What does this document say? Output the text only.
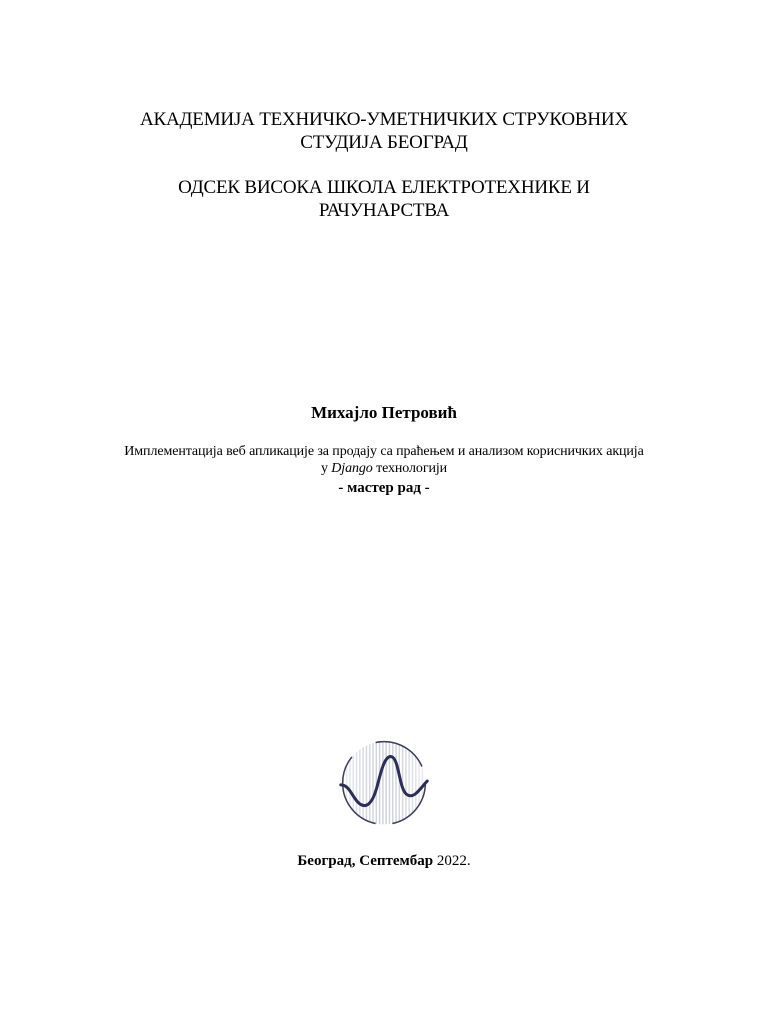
АКАДЕМИЈА ТЕХНИЧКО-УМЕТНИЧКИХ СТРУКОВНИХ
СТУДИЈА БЕОГРАД
ОДСЕК ВИСОКА ШКОЛА ЕЛЕКТРОТЕХНИКЕ И
РАЧУНАРСТВА
Михајло Петровић
Имплементација веб апликације за продају са праћењем и анализом корисничких акција
у Django технологији
- мастер рад -
Београд, Септембар 2022.
